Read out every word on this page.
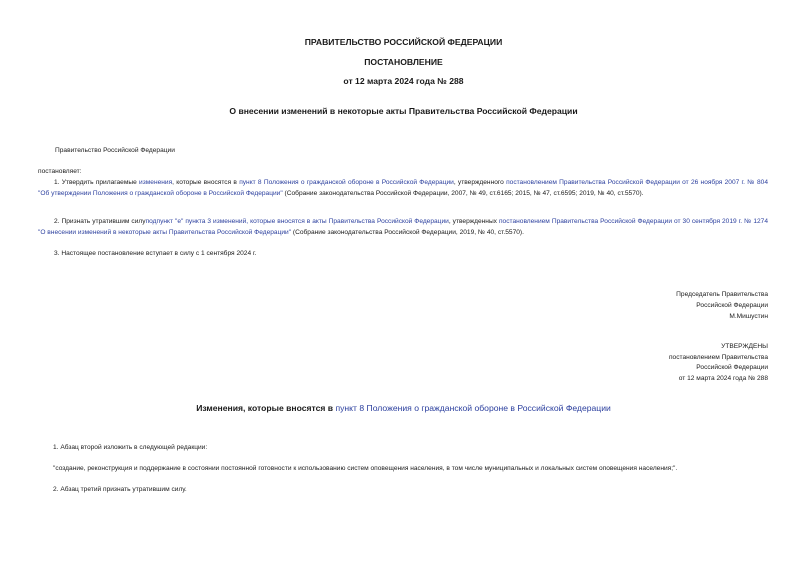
ПРАВИТЕЛЬСТВО РОССИЙСКОЙ ФЕДЕРАЦИИ
ПОСТАНОВЛЕНИЕ
от 12 марта 2024 года № 288
О внесении изменений в некоторые акты Правительства Российской Федерации
Правительство Российской Федерации
постановляет:
1. Утвердить прилагаемые изменения, которые вносятся в пункт 8 Положения о гражданской обороне в Российской Федерации, утвержденного постановлением Правительства Российской Федерации от 26 ноября 2007 г. № 804 "Об утверждении Положения о гражданской обороне в Российской Федерации" (Собрание законодательства Российской Федерации, 2007, № 49, ст.6165; 2015, № 47, ст.6595; 2019, № 40, ст.5570).
2. Признать утратившим силуподпункт "е" пункта 3 изменений, которые вносятся в акты Правительства Российской Федерации, утвержденных постановлением Правительства Российской Федерации от 30 сентября 2019 г. № 1274 "О внесении изменений в некоторые акты Правительства Российской Федерации" (Собрание законодательства Российской Федерации, 2019, № 40, ст.5570).
3. Настоящее постановление вступает в силу с 1 сентября 2024 г.
Председатель Правительства
Российской Федерации
М.Мишустин
УТВЕРЖДЕНЫ
постановлением Правительства
Российской Федерации
от 12 марта 2024 года № 288
Изменения, которые вносятся в пункт 8 Положения о гражданской обороне в Российской Федерации
1. Абзац второй изложить в следующей редакции:
"создание, реконструкция и поддержание в состоянии постоянной готовности к использованию систем оповещения населения, в том числе муниципальных и локальных систем оповещения населения;".
2. Абзац третий признать утратившим силу.
